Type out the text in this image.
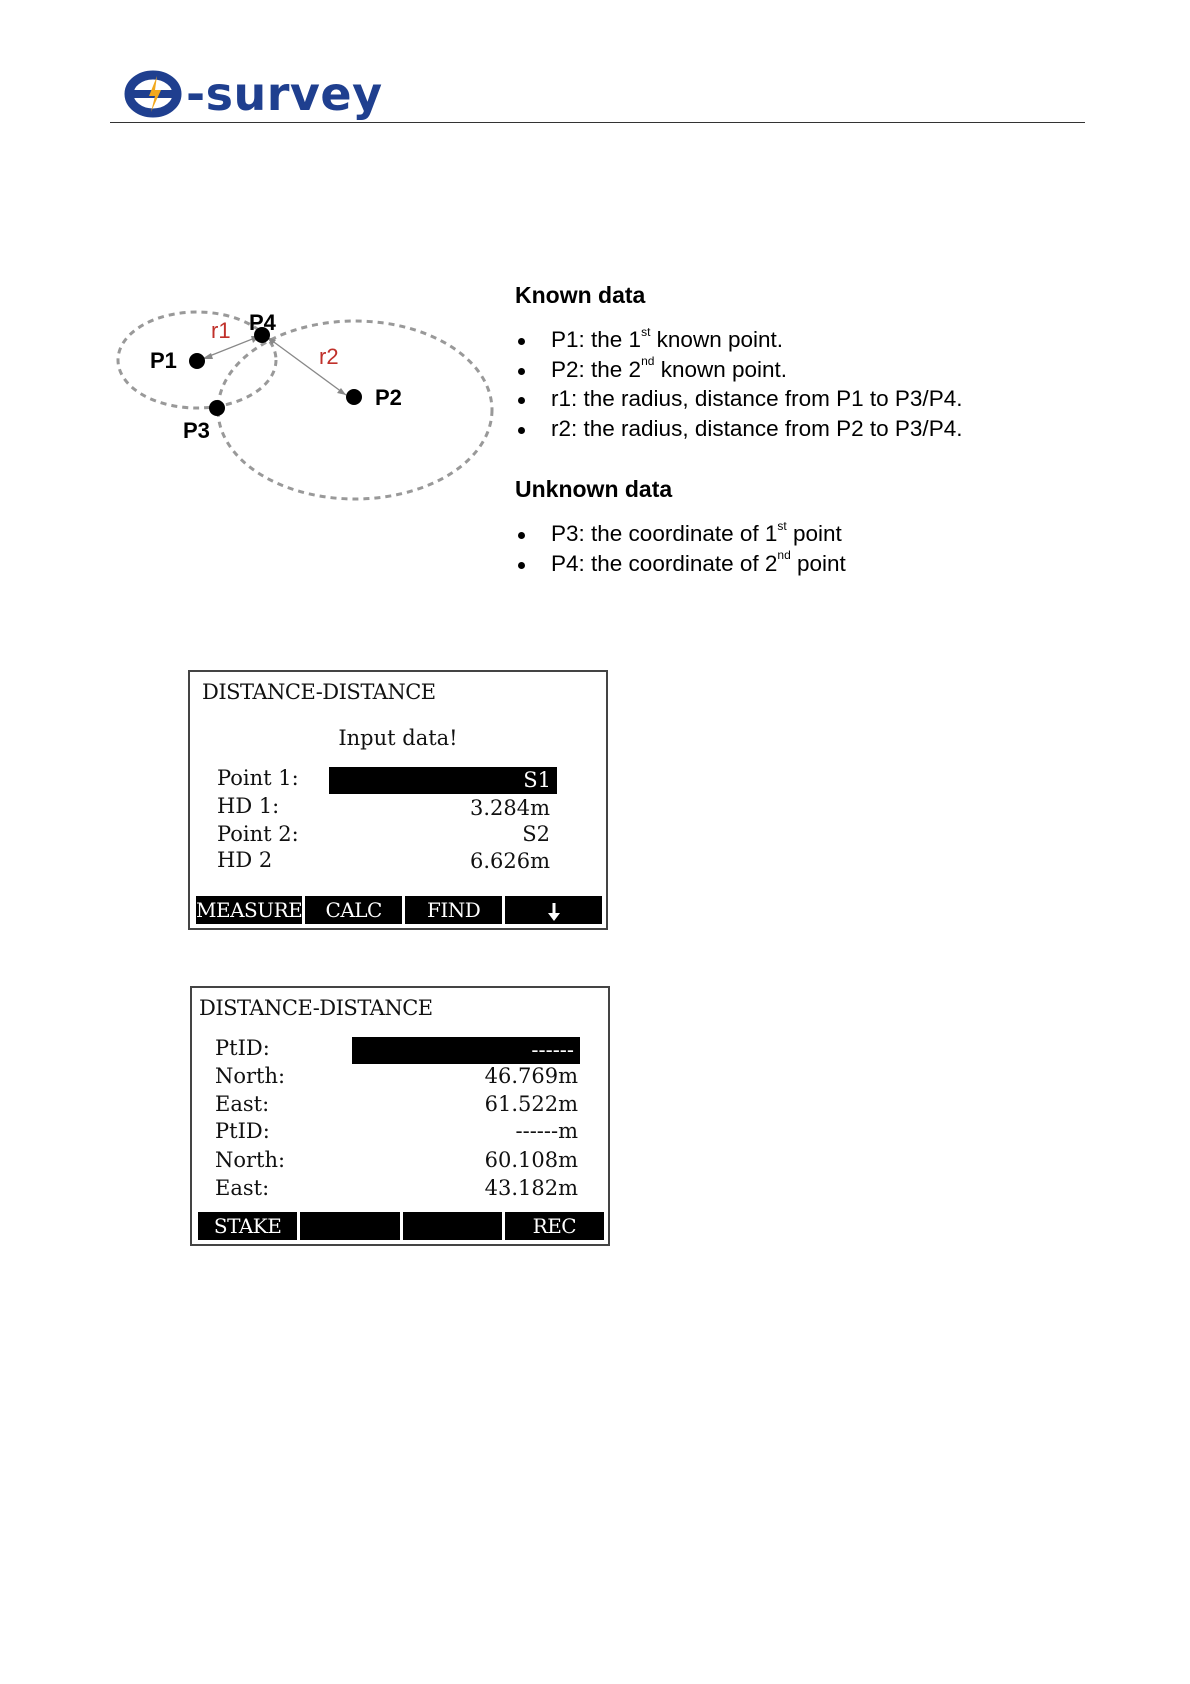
-survey
P1
P4
P2
P3
r1
r2
Known data
P1: the 1st known point.
P2: the 2nd known point.
r1: the radius, distance from P1 to P3/P4.
r2: the radius, distance from P2 to P3/P4.
Unknown data
P3: the coordinate of 1st point
P4: the coordinate of 2nd point
DISTANCE-DISTANCE
Input data!
Point 1:	S1
HD 1:	3.284m
Point 2:	S2
HD 2	6.626m
MEASURE	CALC	FIND
DISTANCE-DISTANCE
PtID:	------
North:	46.769m
East:	61.522m
PtID:	------m
North:	60.108m
East:	43.182m
STAKE	REC
